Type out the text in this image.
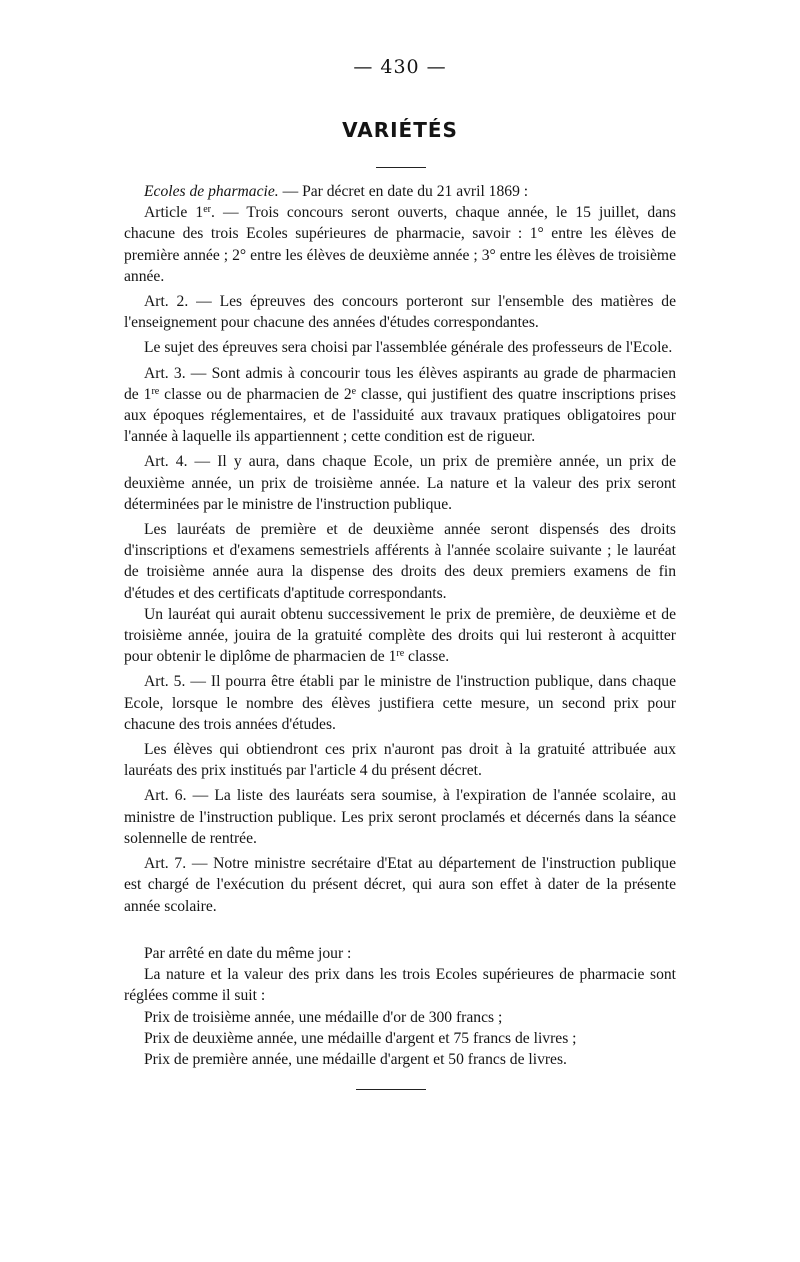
— 430 —
VARIÉTÉS

Ecoles de pharmacie. — Par décret en date du 21 avril 1869 :

Article 1er. — Trois concours seront ouverts, chaque année, le 15 juillet, dans chacune des trois Ecoles supérieures de pharmacie, savoir : 1° entre les élèves de première année ; 2° entre les élèves de deuxième année ; 3° entre les élèves de troisième année.

Art. 2. — Les épreuves des concours porteront sur l'ensemble des matières de l'enseignement pour chacune des années d'études correspondantes.

Le sujet des épreuves sera choisi par l'assemblée générale des professeurs de l'Ecole.

Art. 3. — Sont admis à concourir tous les élèves aspirants au grade de pharmacien de 1re classe ou de pharmacien de 2e classe, qui justifient des quatre inscriptions prises aux époques réglementaires, et de l'assiduité aux travaux pratiques obligatoires pour l'année à laquelle ils appartiennent ; cette condition est de rigueur.

Art. 4. — Il y aura, dans chaque Ecole, un prix de première année, un prix de deuxième année, un prix de troisième année. La nature et la valeur des prix seront déterminées par le ministre de l'instruction publique.

Les lauréats de première et de deuxième année seront dispensés des droits d'inscriptions et d'examens semestriels afférents à l'année scolaire suivante ; le lauréat de troisième année aura la dispense des droits des deux premiers examens de fin d'études et des certificats d'aptitude correspondants.

Un lauréat qui aurait obtenu successivement le prix de première, de deuxième et de troisième année, jouira de la gratuité complète des droits qui lui resteront à acquitter pour obtenir le diplôme de pharmacien de 1re classe.

Art. 5. — Il pourra être établi par le ministre de l'instruction publique, dans chaque Ecole, lorsque le nombre des élèves justifiera cette mesure, un second prix pour chacune des trois années d'études.

Les élèves qui obtiendront ces prix n'auront pas droit à la gratuité attribuée aux lauréats des prix institués par l'article 4 du présent décret.

Art. 6. — La liste des lauréats sera soumise, à l'expiration de l'année scolaire, au ministre de l'instruction publique. Les prix seront proclamés et décernés dans la séance solennelle de rentrée.

Art. 7. — Notre ministre secrétaire d'Etat au département de l'instruction publique est chargé de l'exécution du présent décret, qui aura son effet à dater de la présente année scolaire.

Par arrêté en date du même jour :

La nature et la valeur des prix dans les trois Ecoles supérieures de pharmacie sont réglées comme il suit :

Prix de troisième année, une médaille d'or de 300 francs ;

Prix de deuxième année, une médaille d'argent et 75 francs de livres ;

Prix de première année, une médaille d'argent et 50 francs de livres.
